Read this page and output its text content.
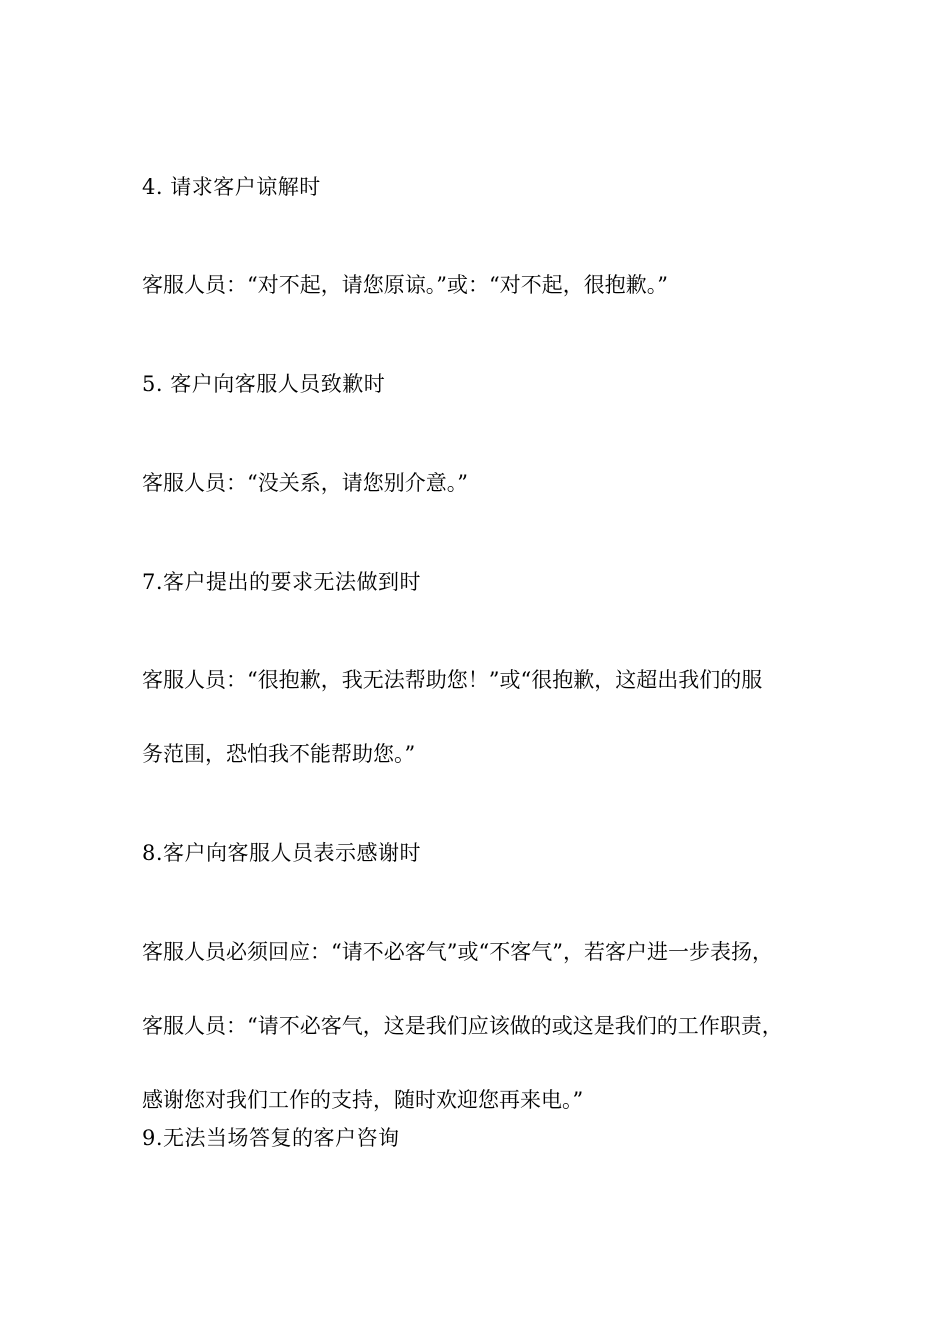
4. 请求客户谅解时
客服人员：“对不起，请您原谅。”或：“对不起，很抱歉。”
5. 客户向客服人员致歉时
客服人员：“没关系，请您别介意。”
7.客户提出的要求无法做到时
客服人员：“很抱歉，我无法帮助您！”或“很抱歉，这超出我们的服
务范围，恐怕我不能帮助您。”
8.客户向客服人员表示感谢时
客服人员必须回应：“请不必客气”或“不客气”，若客户进一步表扬，
客服人员：“请不必客气，这是我们应该做的或这是我们的工作职责，
感谢您对我们工作的支持，随时欢迎您再来电。”
9.无法当场答复的客户咨询
